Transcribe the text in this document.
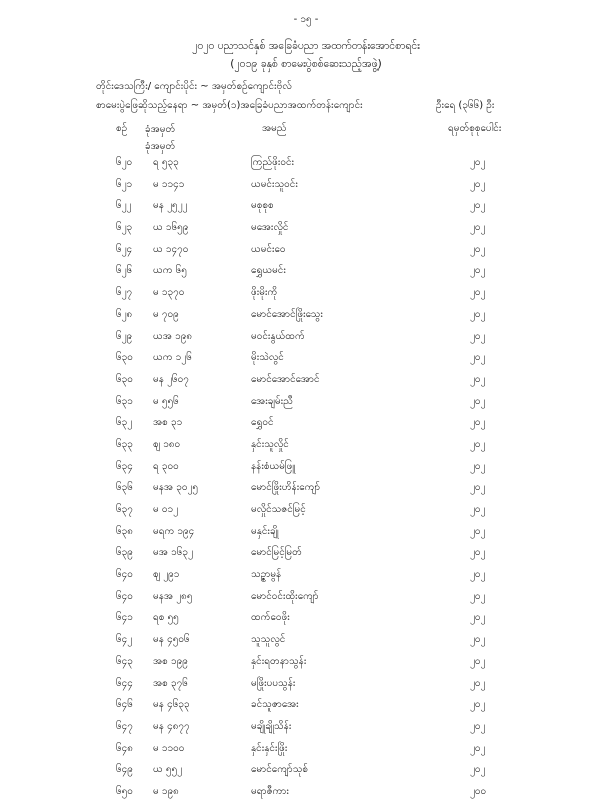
- ၁၅ -
၂၀၂၀ ပညာသင်နှစ် အခြေခံပညာ အထက်တန်းအောင်စာရင်း
(၂၀၁၉ ခုနှစ် စာမေးပွဲစစ်ဆေးသည့်အဖွဲ့)
တိုင်းဒေသကြီး/ ကျောင်းပိုင်း ~ အမှတ်စဉ်ကျောင်းဗိုလ်
စာမေးပွဲဖြေဆိုသည့်နေရာ ~ အမှတ်(၁)အခြေခံပညာအထက်တန်းကျောင်း	ဦးရေ (၃၆၆) ဦး
စဉ် ခုံအမှတ်
ခုံအမှတ်
အမည်	ရမှတ်စုစုပေါင်း
၆၂၀ ရ ၅၃၃	ကြည်ဖိုးဝင်း	၂၀၂
၆၂၁ မ ၁၁၄၁	ယမင်းသူဝင်း	၂၀၂
၆၂၂ မန ၂၅၂၂	မစုစုစ	၂၀၂
၆၂၃ ယ ၁၆၅၉	မအေးလှိုင်	၂၀၂
၆၂၄ ယ ၁၄၇၀	ယမင်းဝေ	၂၀၂
၆၂၆ ယက ၆၅	ရွှေယမင်း	၂၀၂
၆၂၇ မ ၁၃၇၀	ဖိုးမိုးကို	၂၀၂
၆၂၈ မ ၇၀၉	မောင်အောင်ဖြိုးသွေး	၂၀၂
၆၂၉ ယအ ၁၉၈	မဝင်းနွယ်ထက်	၂၀၂
၆၃၀ ယက ၁၂၆	မိုးသဲလွင်	၂၀၂
၆၃၀ မန ၂၆၀၇	မောင်အောင်အောင်	၂၀၂
၆၃၁ မ ၅၅၆	အေးချမ်းညီ	၂၀၂
၆၃၂ အစ ၃၁	ရွှေဝင်	၂၀၂
၆၃၃ ဈ ၁၈၀	နှင်းသူလှိုင်	၂၀၂
၆၃၄ ရ ၃၀၀	နန်းစံယမ်ဖြူ	၂၀၂
၆၃၆ မနအ ၃၀၂၅	မောင်ဖြိုးဟိန်းကျော်	၂၀၂
၆၃၇ မ ၀၁၂	မလှိုင်သဇင်မြင့်	၂၀၂
၆၃၈ မရက ၁၉၄	မနှင်းချို	၂၀၂
၆၃၉ မအ ၁၆၃၂	မောင်မြင့်မြတ်	၂၀၂
၆၄၀ ဈ ၂၉၁	သဉ္ဇာမွန်	၂၀၂
၆၄၀ မနအ ၂၈၅	မောင်ဝင်းထိုးကျော်	၂၀၂
၆၄၁ ရစ ၅၅	ထက်ဝေဖိုး	၂၀၂
၆၄၂ မန ၄၅၀၆	သူသူလွင်	၂၀၂
၆၄၃ အစ ၁၉၉	နှင်းရတနာသွန်း	၂၀၂
၆၄၄ အစ ၃၇၆	မဖြိုးပပသွန်း	၂၀၂
၆၄၆ မန ၄၆၃၃	ခင်သူဇာအေး	၂၀၂
၆၄၇ မန ၄၈၇၇	မချိုချိုသိန်း	၂၀၂
၆၄၈ မ ၁၁၀၀	နှင်းနှင်းဖြိုး	၂၀၂
၆၄၉ ယ ၅၅၂	မောင်ကျော်သုစ်	၂၀၂
၆၅၀ မ ၁၉၈	မရာဇီကား	၂၀၀
